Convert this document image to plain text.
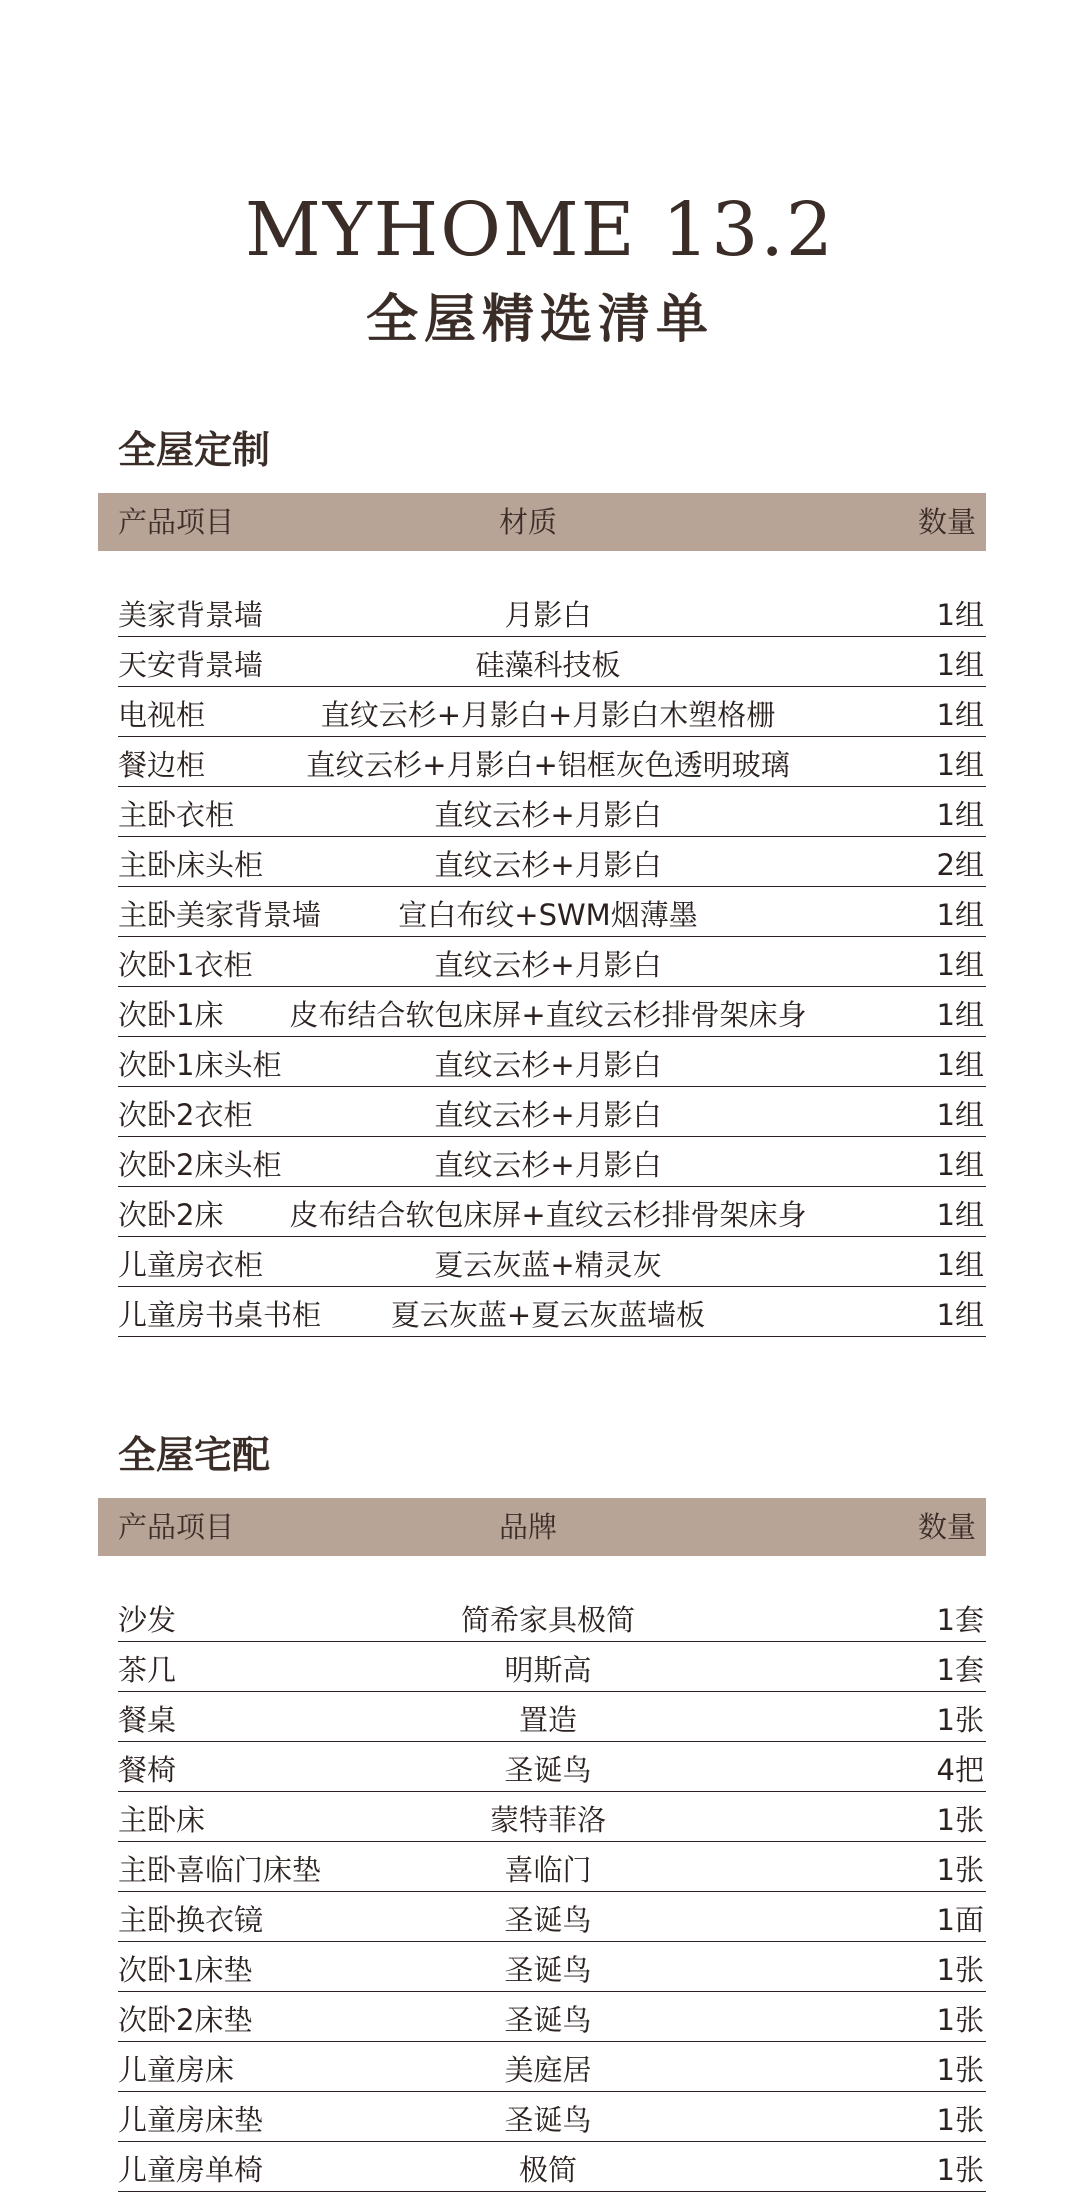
MYHOME 13.2
全屋精选清单
全屋定制
产品项目	材质	数量
美家背景墙	月影白	1组
天安背景墙	硅藻科技板	1组
电视柜	直纹云杉+月影白+月影白木塑格栅	1组
餐边柜	直纹云杉+月影白+铝框灰色透明玻璃	1组
主卧衣柜	直纹云杉+月影白	1组
主卧床头柜	直纹云杉+月影白	2组
主卧美家背景墙	宣白布纹+SWM烟薄墨	1组
次卧1衣柜	直纹云杉+月影白	1组
次卧1床	皮布结合软包床屏+直纹云杉排骨架床身	1组
次卧1床头柜	直纹云杉+月影白	1组
次卧2衣柜	直纹云杉+月影白	1组
次卧2床头柜	直纹云杉+月影白	1组
次卧2床	皮布结合软包床屏+直纹云杉排骨架床身	1组
儿童房衣柜	夏云灰蓝+精灵灰	1组
儿童房书桌书柜	夏云灰蓝+夏云灰蓝墙板	1组
全屋宅配
产品项目	品牌	数量
沙发	简希家具极简	1套
茶几	明斯高	1套
餐桌	置造	1张
餐椅	圣诞鸟	4把
主卧床	蒙特菲洛	1张
主卧喜临门床垫	喜临门	1张
主卧换衣镜	圣诞鸟	1面
次卧1床垫	圣诞鸟	1张
次卧2床垫	圣诞鸟	1张
儿童房床	美庭居	1张
儿童房床垫	圣诞鸟	1张
儿童房单椅	极简	1张
